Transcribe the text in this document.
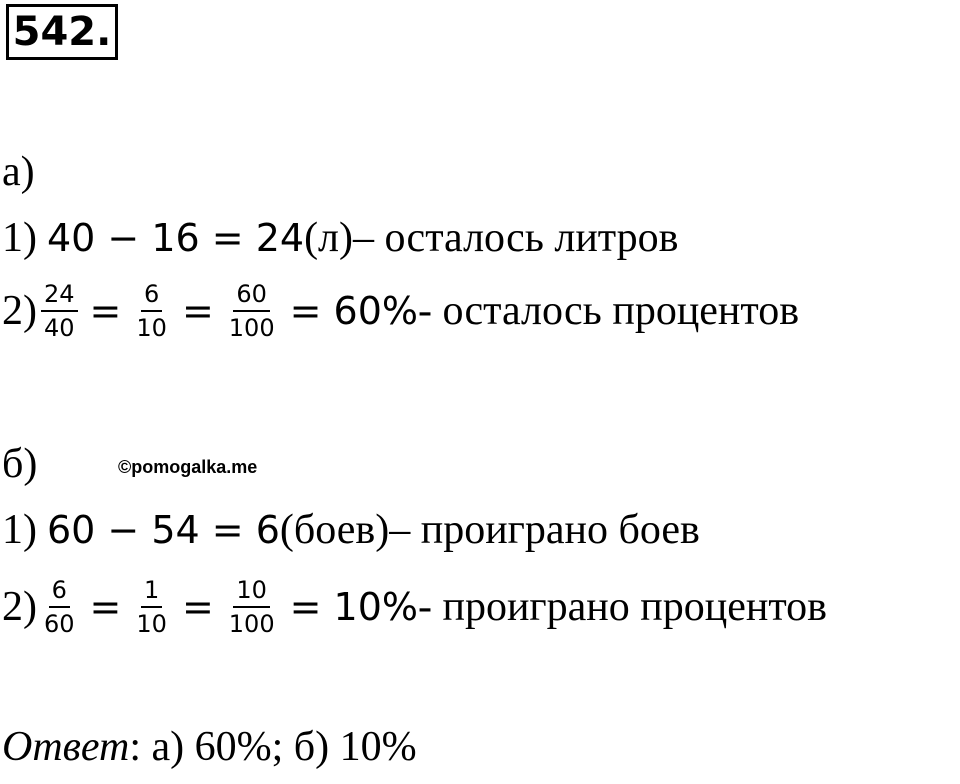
542.
а)
1) 40 − 16 = 24 (л) – осталось литров
$2) \frac{24}{40} = \frac{6}{10} = \frac{60}{100} = 60\%$ - осталось процентов
б)	©pomogalka.me
1) 60 − 54 = 6 (боев) – проиграно боев
$2) \frac{6}{60} = \frac{1}{10} = \frac{10}{100} = 10\%$ - проиграно процентов
Ответ: а) 60%; б) 10%
